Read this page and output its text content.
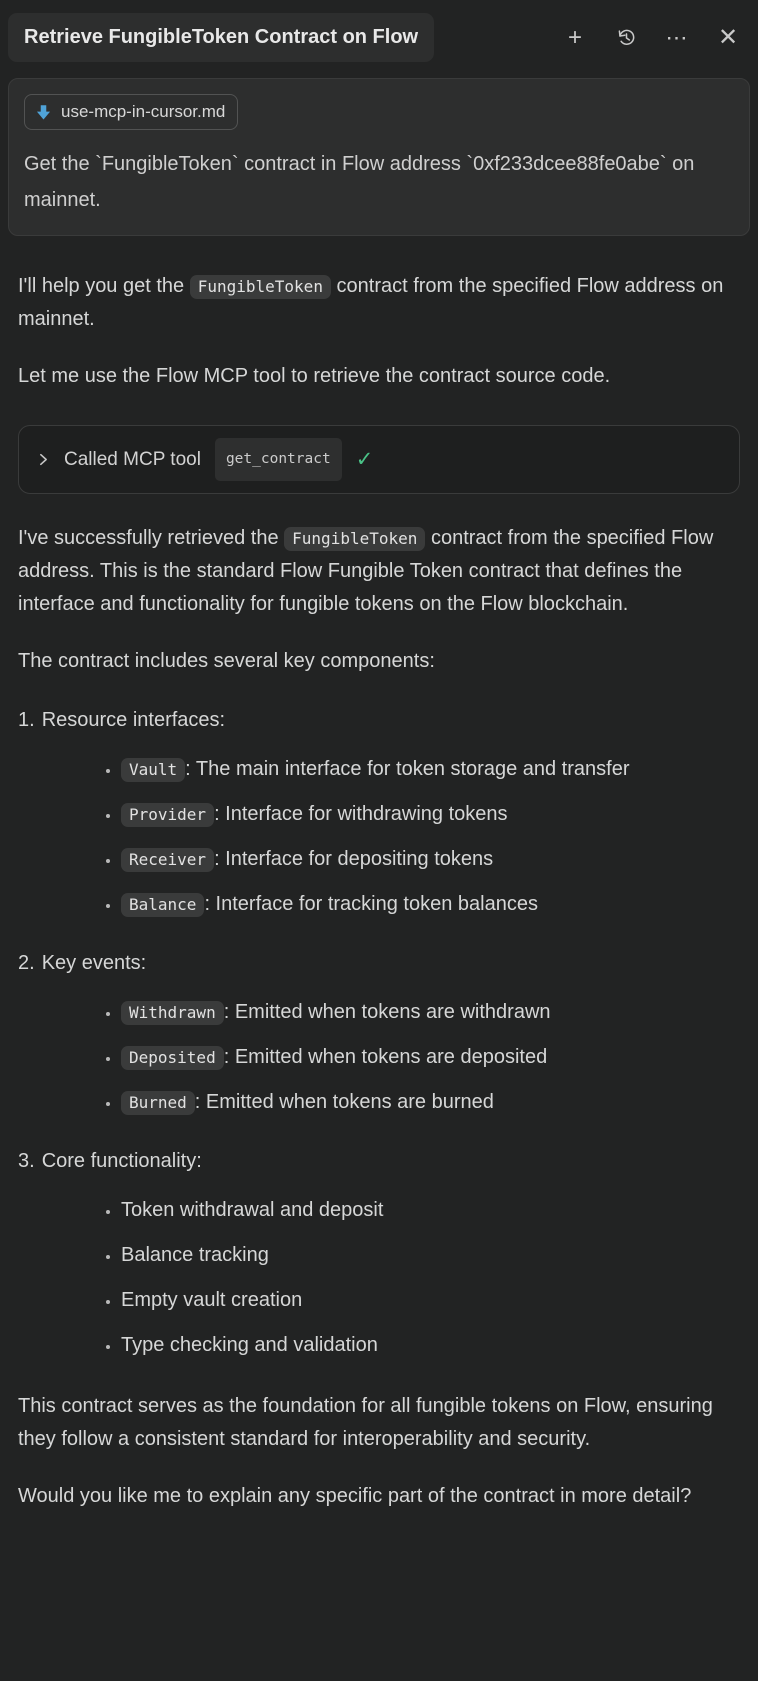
Retrieve FungibleToken Contract on Flow	+	⋯ ✕
use-mcp-in-cursor.md
Get the `FungibleToken` contract in Flow address `0xf233dcee88fe0abe` on mainnet.

I'll help you get the FungibleToken contract from the specified Flow address on mainnet.

Let me use the Flow MCP tool to retrieve the contract source code.

Called MCP tool	get_contract	✓

I've successfully retrieved the FungibleToken contract from the specified Flow address. This is the standard Flow Fungible Token contract that defines the interface and functionality for fungible tokens on the Flow blockchain.

The contract includes several key components:

1. Resource interfaces:
• Vault : The main interface for token storage and transfer
• Provider : Interface for withdrawing tokens
• Receiver : Interface for depositing tokens
• Balance : Interface for tracking token balances
2. Key events:
• Withdrawn : Emitted when tokens are withdrawn
• Deposited : Emitted when tokens are deposited
• Burned : Emitted when tokens are burned
3. Core functionality:
• Token withdrawal and deposit
• Balance tracking
• Empty vault creation
• Type checking and validation

This contract serves as the foundation for all fungible tokens on Flow, ensuring they follow a consistent standard for interoperability and security.

Would you like me to explain any specific part of the contract in more detail?
